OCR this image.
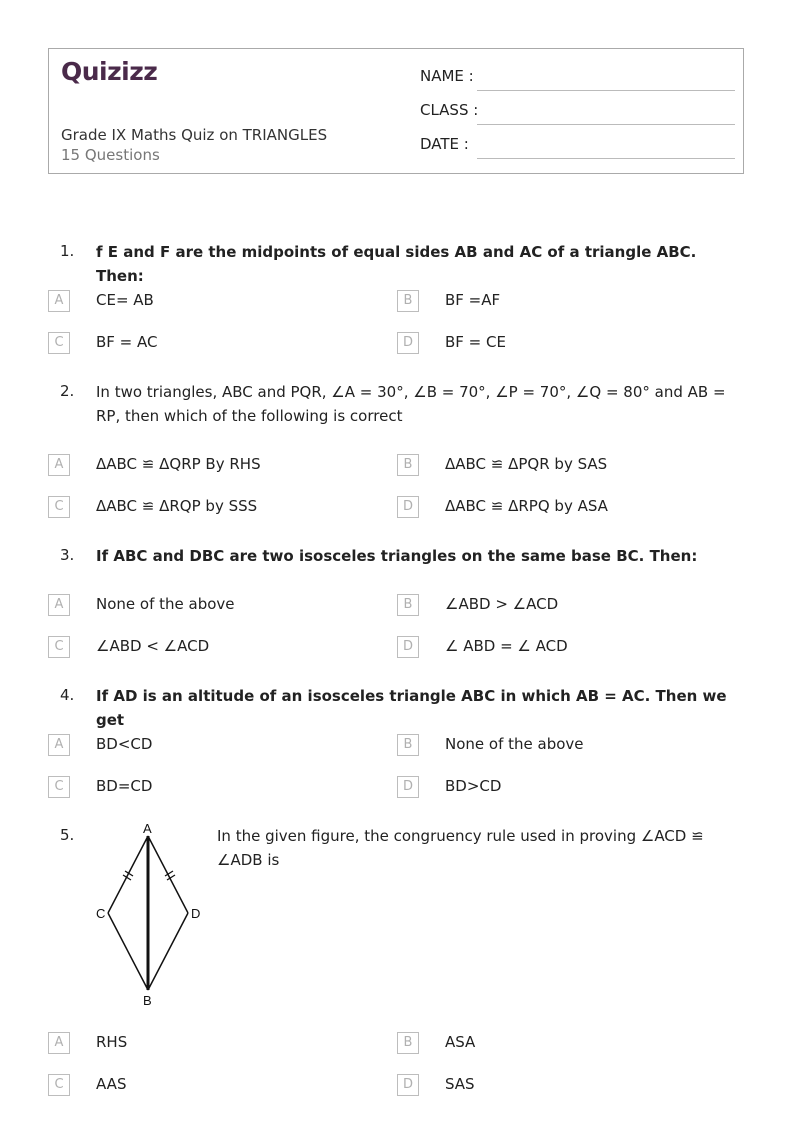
Quizizz
Grade IX Maths Quiz on TRIANGLES
15 Questions
NAME :
CLASS :
DATE :
1. f E and F are the midpoints of equal sides AB and AC of a triangle ABC. Then:
A	CE= AB	B	BF =AF
C	BF = AC	D	BF = CE
2. In two triangles, ABC and PQR, ∠A = 30°, ∠B = 70°, ∠P = 70°, ∠Q = 80° and AB = RP, then which of the following is correct
A	ΔABC ≌ ΔQRP By RHS	B	ΔABC ≌ ΔPQR by SAS
C	ΔABC ≌ ΔRQP by SSS	D	ΔABC ≌ ΔRPQ by ASA
3. If ABC and DBC are two isosceles triangles on the same base BC. Then:
A	None of the above	B	∠ABD > ∠ACD
C	∠ABD < ∠ACD	D	∠ ABD = ∠ ACD
4. If AD is an altitude of an isosceles triangle ABC in which AB = AC. Then we get
A	BD<CD	B	None of the above
C	BD=CD	D	BD>CD
5.	In the given figure, the congruency rule used in proving ∠ACD ≌ ∠ADB is
A
C	D
B
A	RHS	B	ASA
C	AAS	D	SAS
